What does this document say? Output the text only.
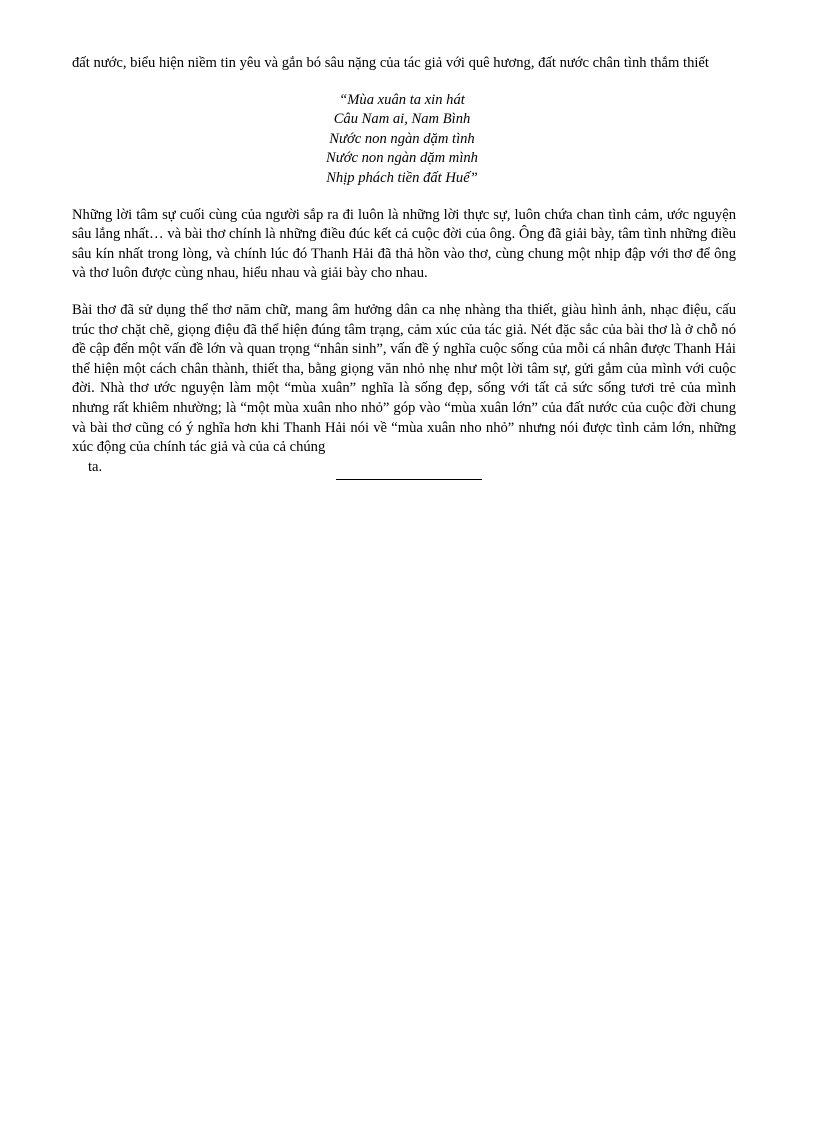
đất nước, biểu hiện niềm tin yêu và gắn bó sâu nặng của tác giả với quê hương, đất nước chân tình thắm thiết

“Mùa xuân ta xin hát
Câu Nam ai, Nam Bình
Nước non ngàn dặm tình
Nước non ngàn dặm mình
Nhịp phách tiền đất Huế”

Những lời tâm sự cuối cùng của người sắp ra đi luôn là những lời thực sự, luôn chứa chan tình cảm, ước nguyện sâu lắng nhất… và bài thơ chính là những điều đúc kết cả cuộc đời của ông. Ông đã giải bày, tâm tình những điều sâu kín nhất trong lòng, và chính lúc đó Thanh Hải đã thả hồn vào thơ, cùng chung một nhịp đập với thơ để ông và thơ luôn được cùng nhau, hiểu nhau và giải bày cho nhau.

Bài thơ đã sử dụng thể thơ năm chữ, mang âm hưởng dân ca nhẹ nhàng tha thiết, giàu hình ảnh, nhạc điệu, cấu trúc thơ chặt chẽ, giọng điệu đã thể hiện đúng tâm trạng, cảm xúc của tác giả. Nét đặc sắc của bài thơ là ở chỗ nó đề cập đến một vấn đề lớn và quan trọng “nhân sinh”, vấn đề ý nghĩa cuộc sống của mỗi cá nhân được Thanh Hải thể hiện một cách chân thành, thiết tha, bằng giọng văn nhỏ nhẹ như một lời tâm sự, gửi gắm của mình với cuộc đời. Nhà thơ ước nguyện làm một “mùa xuân” nghĩa là sống đẹp, sống với tất cả sức sống tươi trẻ của mình nhưng rất khiêm nhường; là “một mùa xuân nho nhỏ” góp vào “mùa xuân lớn” của đất nước của cuộc đời chung và bài thơ cũng có ý nghĩa hơn khi Thanh Hải nói về “mùa xuân nho nhỏ” nhưng nói được tình cảm lớn, những xúc động của chính tác giả và của cả chúng
ta.
